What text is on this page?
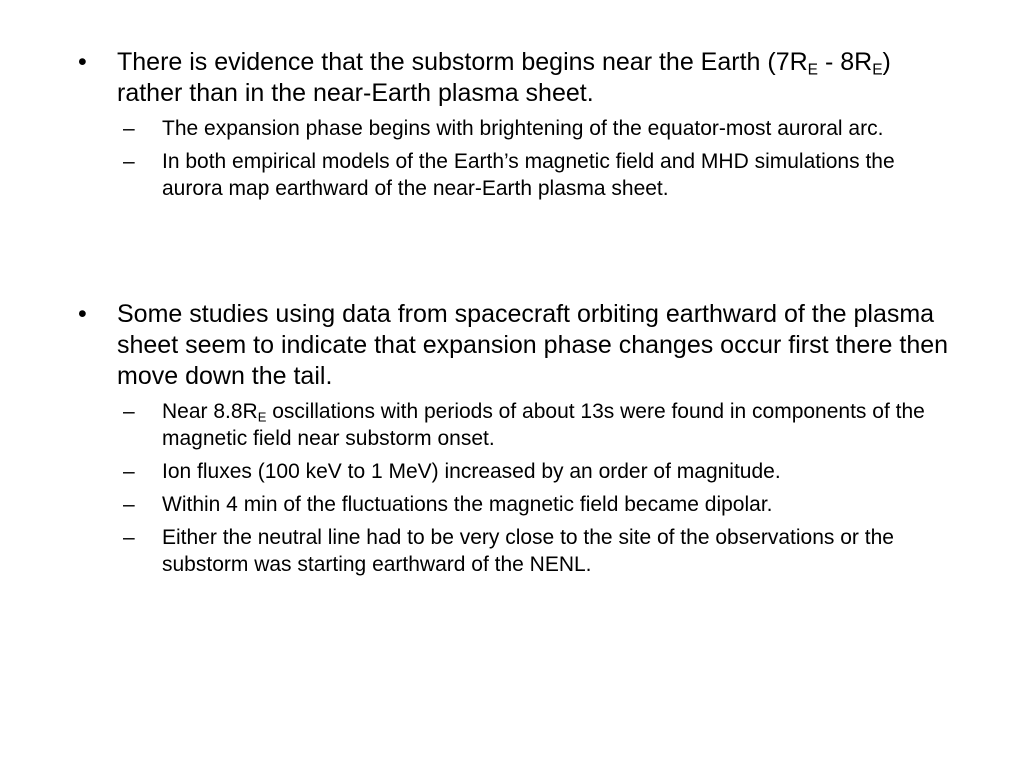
•	There is evidence that the substorm begins near the Earth $(7R_E - 8R_E)$ rather than in the near-Earth plasma sheet.
– The expansion phase begins with brightening of the equator-most auroral arc.
– In both empirical models of the Earth’s magnetic field and MHD simulations the aurora map earthward of the near-Earth plasma sheet.
•	Some studies using data from spacecraft orbiting earthward of the plasma sheet seem to indicate that expansion phase changes occur first there then move down the tail.
– Near $8.8R_E$ oscillations with periods of about 13s were found in components of the magnetic field near substorm onset.
– Ion fluxes (100 keV to 1 MeV) increased by an order of magnitude.
– Within 4 min of the fluctuations the magnetic field became dipolar.
– Either the neutral line had to be very close to the site of the observations or the substorm was starting earthward of the NENL.
